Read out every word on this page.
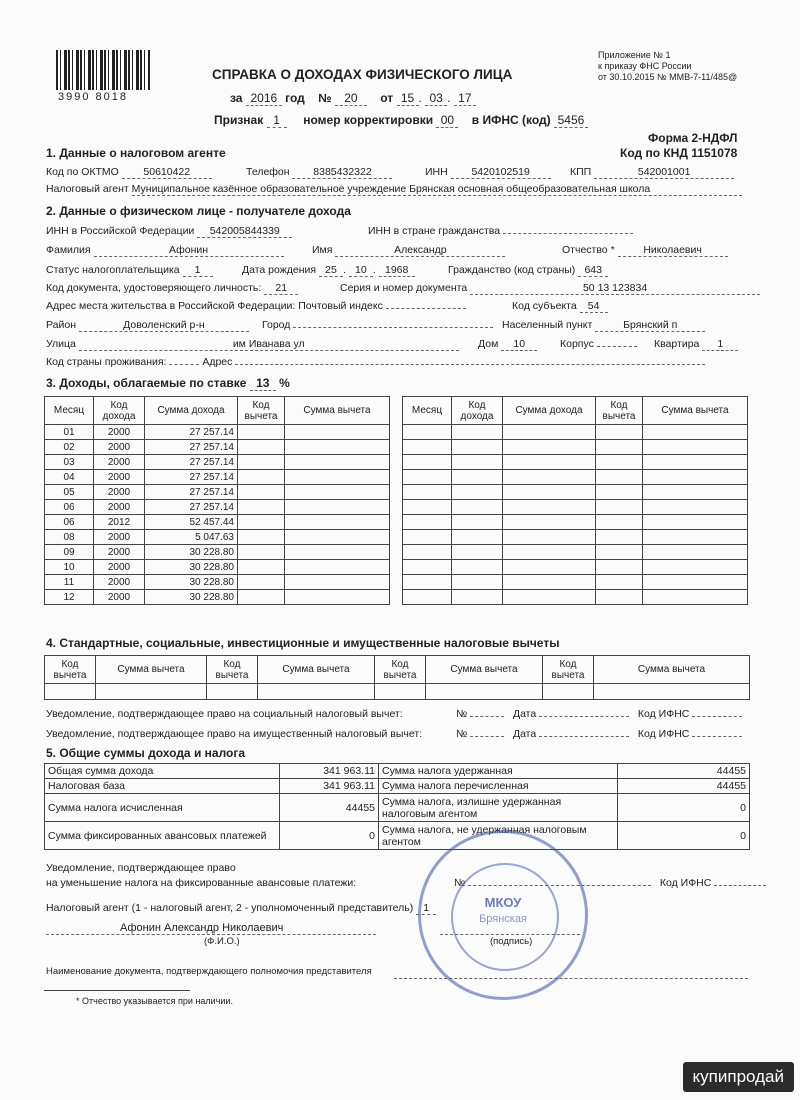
3990 8018
Приложение № 1
к приказу ФНС России
от 30.10.2015 № ММВ-7-11/485@
СПРАВКА О ДОХОДАХ ФИЗИЧЕСКОГО ЛИЦА
за 2016 год № 20 от 15 . 03 . 17
Признак 1 номер корректировки 00 в ИФНС (код) 5456
Форма 2-НДФЛ
Код по КНД 1151078
1. Данные о налоговом агенте
Код по ОКТМО 50610422	Телефон 8385432322	ИНН 5420102519	КПП	542001001
Налоговый агент Муниципальное казённое образовательное учреждение Брянская основная общеобразовательная школа
2. Данные о физическом лице - получателе дохода
ИНН в Российской Федерации 542005844339	ИНН в стране гражданства
Фамилия	Афонин	Имя	Александр	Отчество *	Николаевич
Статус налогоплательщика 1	Дата рождения 25 . 10 . 1968	Гражданство (код страны) 643
Код документа, удостоверяющего личность: 21	Серия и номер документа	50 13 123834
Адрес места жительства в Российской Федерации: Почтовый индекс	Код субъекта 54
Район	Доволенский р-н	Город	Населенный пункт	Брянский п
Улица	им Иванава ул	Дом 10	Корпус	Квартира 1
Код страны проживания:	Адрес
3. Доходы, облагаемые по ставке 13 %
Месяц	Код дохода	Сумма дохода	Код вычета	Сумма вычета
01	2000	27 257.14		
02	2000	27 257.14		
03	2000	27 257.14		
04	2000	27 257.14		
05	2000	27 257.14		
06	2000	27 257.14		
06	2012	52 457.44		
08	2000	5 047.63		
09	2000	30 228.80		
10	2000	30 228.80		
11	2000	30 228.80		
12	2000	30 228.80		
Месяц	Код дохода	Сумма дохода	Код вычета	Сумма вычета

4. Стандартные, социальные, инвестиционные и имущественные налоговые вычеты
Код вычета	Сумма вычета	Код вычета	Сумма вычета	Код вычета	Сумма вычета	Код вычета	Сумма вычета

Уведомление, подтверждающее право на социальный налоговый вычет:	№	Дата	Код ИФНС
Уведомление, подтверждающее право на имущественный налоговый вычет:	№	Дата	Код ИФНС
5. Общие суммы дохода и налога
Общая сумма дохода	341 963.11	Сумма налога удержанная	44455
Налоговая база	341 963.11	Сумма налога перечисленная	44455
Сумма налога исчисленная	44455	Сумма налога, излишне удержанная налоговым агентом	0
Сумма фиксированных авансовых платежей	0	Сумма налога, не удержанная налоговым агентом	0
Уведомление, подтверждающее право
на уменьшение налога на фиксированные авансовые платежи:	№	Код ИФНС
Налоговый агент (1 - налоговый агент, 2 - уполномоченный представитель) 1
Афонин Александр Николаевич
(Ф.И.О.)	(подпись)
Наименование документа, подтверждающего полномочия представителя
* Отчество указывается при наличии.
МКОУ
Брянская
купипродай
